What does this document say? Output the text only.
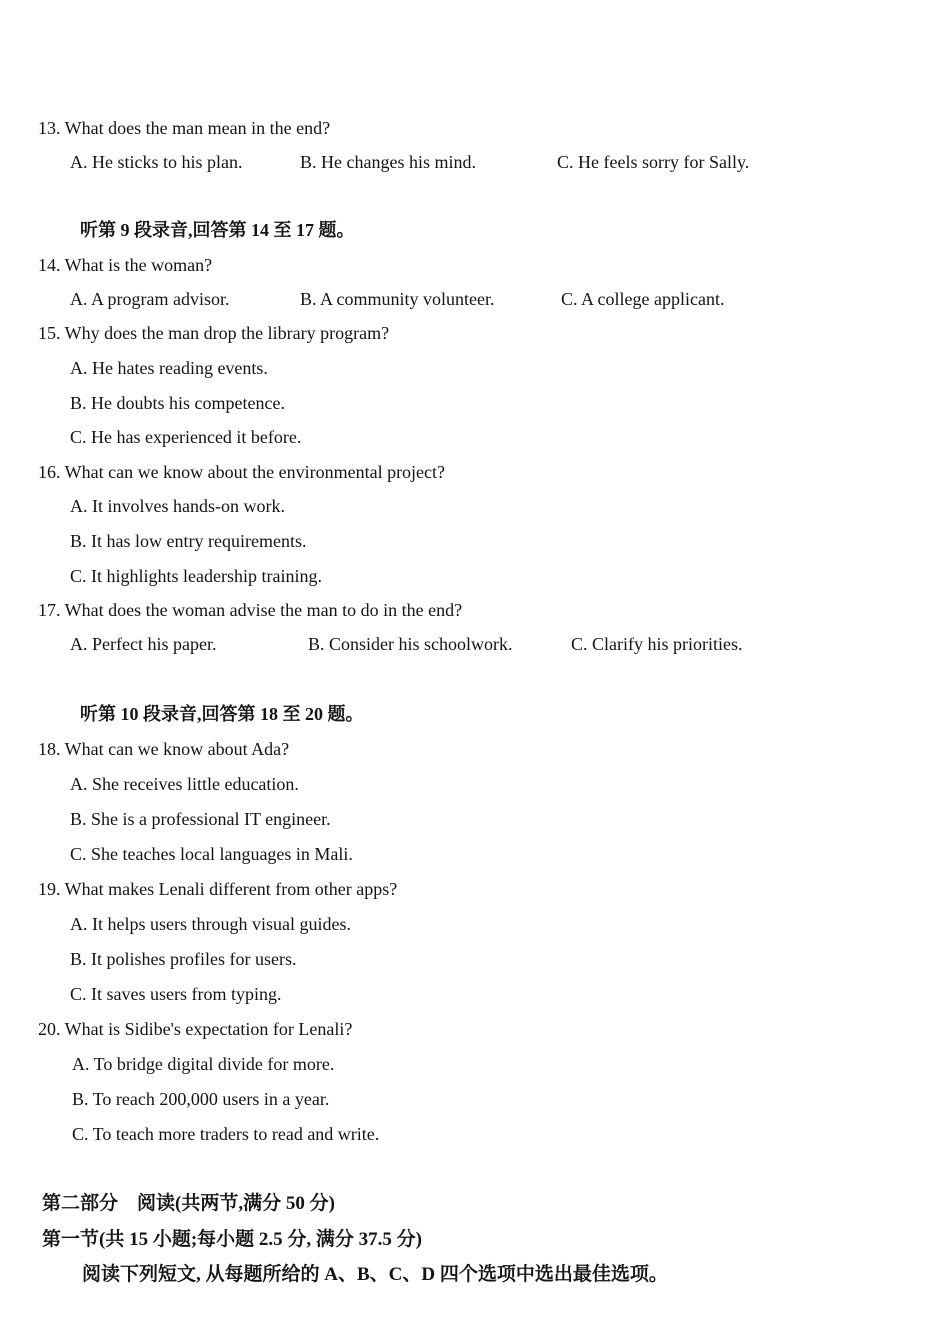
13. What does the man mean in the end?
A. He sticks to his plan.	B. He changes his mind.	C. He feels sorry for Sally.
听第 9 段录音,回答第 14 至 17 题。
14. What is the woman?
A. A program advisor.	B. A community volunteer.	C. A college applicant.
15. Why does the man drop the library program?
A. He hates reading events.
B. He doubts his competence.
C. He has experienced it before.
16. What can we know about the environmental project?
A. It involves hands-on work.
B. It has low entry requirements.
C. It highlights leadership training.
17. What does the woman advise the man to do in the end?
A. Perfect his paper.	B. Consider his schoolwork.	C. Clarify his priorities.
听第 10 段录音,回答第 18 至 20 题。
18. What can we know about Ada?
A. She receives little education.
B. She is a professional IT engineer.
C. She teaches local languages in Mali.
19. What makes Lenali different from other apps?
A. It helps users through visual guides.
B. It polishes profiles for users.
C. It saves users from typing.
20. What is Sidibe's expectation for Lenali?
A. To bridge digital divide for more.
B. To reach 200,000 users in a year.
C. To teach more traders to read and write.
第二部分　阅读(共两节,满分 50 分)
第一节(共 15 小题;每小题 2.5 分, 满分 37.5 分)
阅读下列短文, 从每题所给的 A、B、C、D 四个选项中选出最佳选项。
